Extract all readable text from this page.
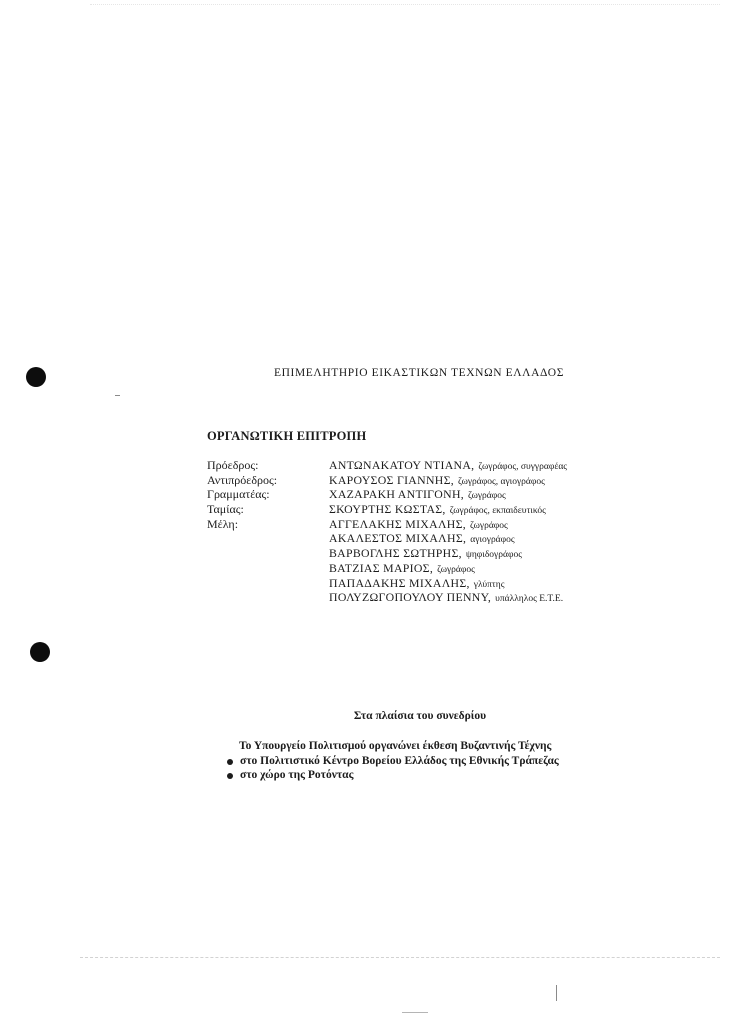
ΕΠΙΜΕΛΗΤΗΡΙΟ ΕΙΚΑΣΤΙΚΩΝ ΤΕΧΝΩΝ ΕΛΛΑΔΟΣ
ΟΡΓΑΝΩΤΙΚΗ ΕΠΙΤΡΟΠΗ
Πρόεδρος:	ΑΝΤΩΝΑΚΑΤΟΥ ΝΤΙΑΝΑ, ζωγράφος, συγγραφέας
Αντιπρόεδρος:	ΚΑΡΟΥΣΟΣ ΓΙΑΝΝΗΣ, ζωγράφος, αγιογράφος
Γραμματέας:	ΧΑΖΑΡΑΚΗ ΑΝΤΙΓΟΝΗ, ζωγράφος
Ταμίας:	ΣΚΟΥΡΤΗΣ ΚΩΣΤΑΣ, ζωγράφος, εκπαιδευτικός
Μέλη:	ΑΓΓΕΛΑΚΗΣ ΜΙΧΑΛΗΣ, ζωγράφος
ΑΚΑΛΕΣΤΟΣ ΜΙΧΑΛΗΣ, αγιογράφος
ΒΑΡΒΟΓΛΗΣ ΣΩΤΗΡΗΣ, ψηφιδογράφος
ΒΑΤΖΙΑΣ ΜΑΡΙΟΣ, ζωγράφος
ΠΑΠΑΔΑΚΗΣ ΜΙΧΑΛΗΣ, γλύπτης
ΠΟΛΥΖΩΓΟΠΟΥΛΟΥ ΠΕΝΝΥ, υπάλληλος Ε.Τ.Ε.
Στα πλαίσια του συνεδρίου
Το Υπουργείο Πολιτισμού οργανώνει έκθεση Βυζαντινής Τέχνης
στο Πολιτιστικό Κέντρο Βορείου Ελλάδος της Εθνικής Τράπεζας
στο χώρο της Ροτόντας
